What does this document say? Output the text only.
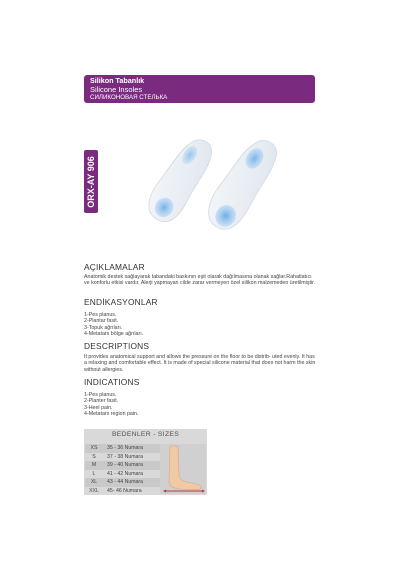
Silikon Tabanlık
Silicone Insoles
СИЛИКОНОВАЯ СТЕЛЬКА
ORX-AY 906
AÇIKLAMALAR

Anatomik destek sağlayarak tabandaki baskının eşit olarak dağılmasına olanak sağlar.Rahatlatıcı ve konforlu etkisi vardır. Alerji yapmayan cilde zarar vermeyen özel silikon malzemeden üretilmiştir.

ENDİKASYONLAR
1-Pes planus.
2-Plantar fasit.
3-Topuk ağrıları.
4-Metatars bölge ağrıları.
DESCRIPTIONS

It provides anatomical support and allows the pressure on the floor to be distrib- uted evenly. It has a relaxing and comfortable effect. It is made of special silicone material that does not harm the skin without allergies.

INDICATIONS
1-Pes planus.
2-Planter fasit.
3-Heel pain.
4-Metatars region pain.
BEDENLER - SIZES
XS	35 - 36 Numara
S	37 - 38 Numara
M	39 - 40 Numara
L	41 - 42 Numara
XL	43 - 44 Numara
XXL	45- 46 Numara
